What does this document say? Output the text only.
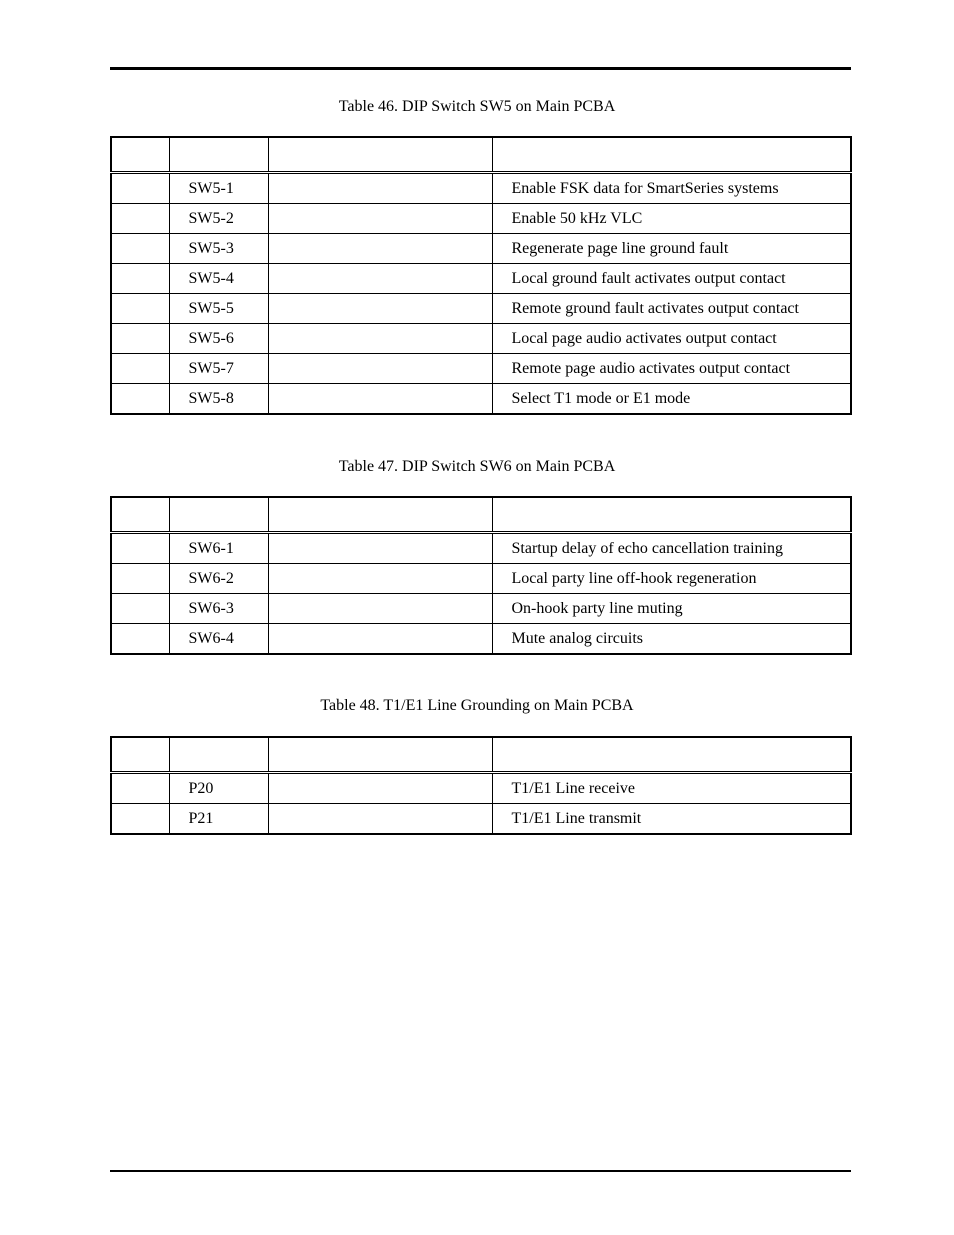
Table 46. DIP Switch SW5 on Main PCBA

	SW5-1		Enable FSK data for SmartSeries systems
	SW5-2		Enable 50 kHz VLC
	SW5-3		Regenerate page line ground fault
	SW5-4		Local ground fault activates output contact
	SW5-5		Remote ground fault activates output contact
	SW5-6		Local page audio activates output contact
	SW5-7		Remote page audio activates output contact
	SW5-8		Select T1 mode or E1 mode
Table 47. DIP Switch SW6 on Main PCBA

	SW6-1		Startup delay of echo cancellation training
	SW6-2		Local party line off-hook regeneration
	SW6-3		On-hook party line muting
	SW6-4		Mute analog circuits
Table 48. T1/E1 Line Grounding on Main PCBA

	P20		T1/E1 Line receive
	P21		T1/E1 Line transmit
